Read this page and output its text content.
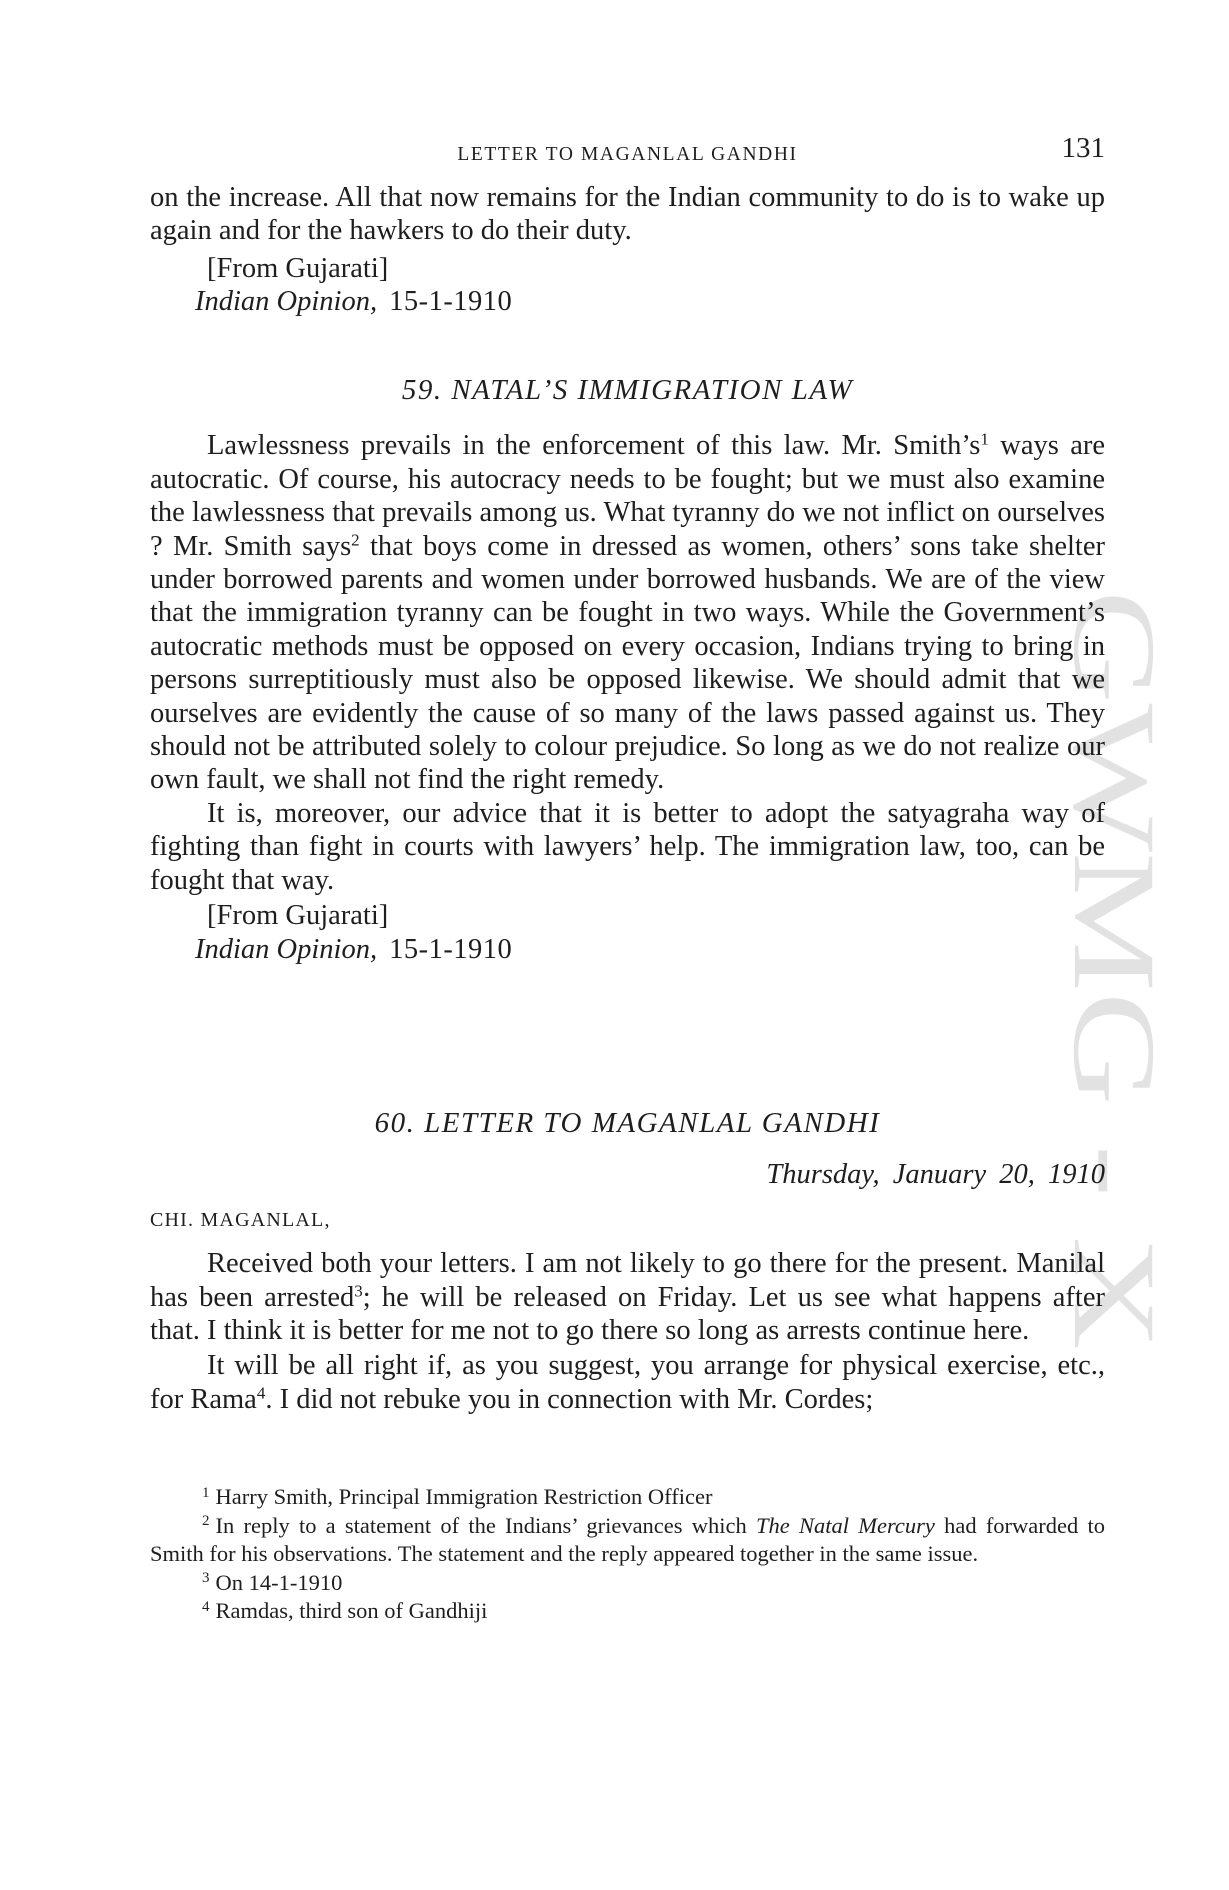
GWMG - X
LETTER TO MAGANLAL GANDHI	131

on the increase. All that now remains for the Indian community to do is to wake up again and for the hawkers to do their duty.

[From Gujarati]

Indian Opinion, 15-1-1910

59. NATAL’S IMMIGRATION LAW

Lawlessness prevails in the enforcement of this law. Mr. $Smith’s^1$ ways are autocratic. Of course, his autocracy needs to be fought; but we must also examine the lawlessness that prevails among us. What tyranny do we not inflict on ourselves ? Mr. Smith says$^2$ that boys come in dressed as women, others’ sons take shelter under borrowed parents and women under borrowed husbands. We are of the view that the immigration tyranny can be fought in two ways. While the Government’s autocratic methods must be opposed on every occasion, Indians trying to bring in persons surreptitiously must also be opposed likewise. We should admit that we ourselves are evidently the cause of so many of the laws passed against us. They should not be attributed solely to colour prejudice. So long as we do not realize our own fault, we shall not find the right remedy.

It is, moreover, our advice that it is better to adopt the satyagraha way of fighting than fight in courts with lawyers’ help. The immigration law, too, can be fought that way.

[From Gujarati]

Indian Opinion, 15-1-1910

60. LETTER TO MAGANLAL GANDHI

Thursday, January 20, 1910

CHI. MAGANLAL,

Received both your letters. I am not likely to go there for the present. Manilal has been arrested$^3$; he will be released on Friday. Let us see what happens after that. I think it is better for me not to go there so long as arrests continue here.

It will be all right if, as you suggest, you arrange for physical exercise, etc., for Rama$^4$. I did not rebuke you in connection with Mr. Cordes;

$^1$ Harry Smith, Principal Immigration Restriction Officer
$^2$ In reply to a statement of the Indians’ grievances which The Natal Mercury had forwarded to Smith for his observations. The statement and the reply appeared together in the same issue.
$^3$ On 14-1-1910
$^4$ Ramdas, third son of Gandhiji
